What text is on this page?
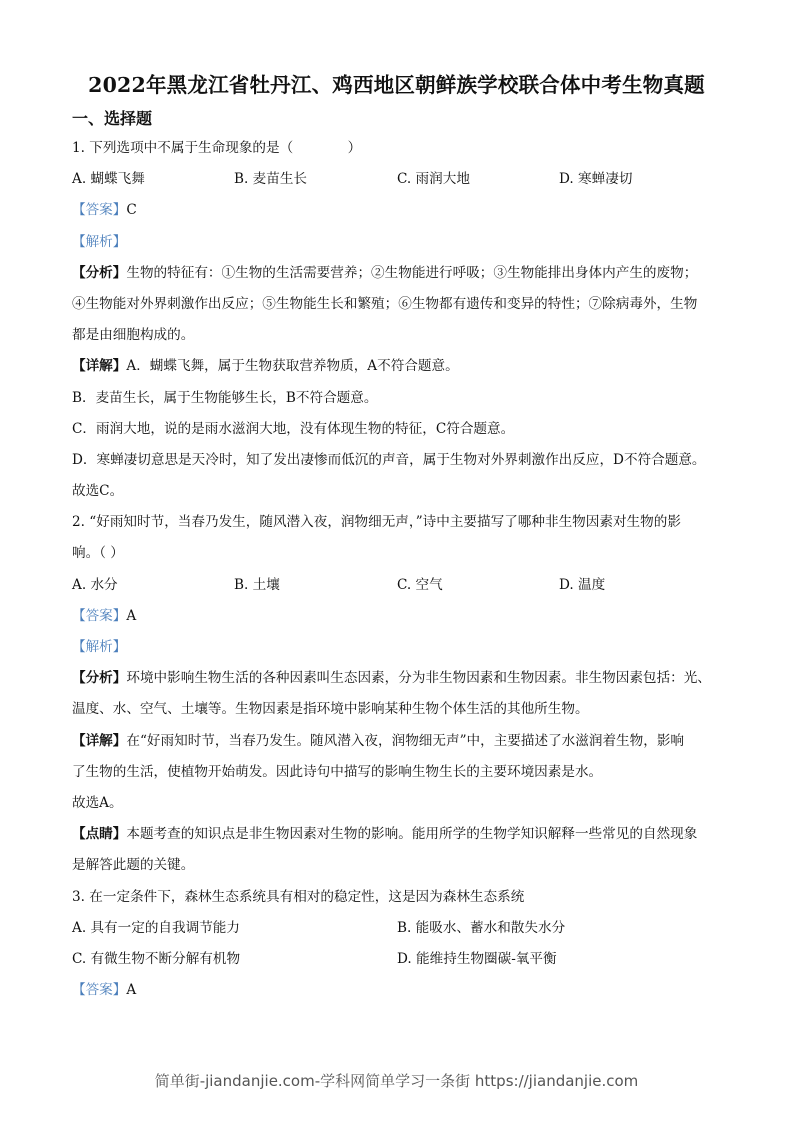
2022年黑龙江省牡丹江、鸡西地区朝鲜族学校联合体中考生物真题
一、选择题
1. 下列选项中不属于生命现象的是（　　　　）
A. 蝴蝶飞舞	B. 麦苗生长	C. 雨润大地	D. 寒蝉凄切
【答案】C
【解析】
【分析】生物的特征有：①生物的生活需要营养；②生物能进行呼吸；③生物能排出身体内产生的废物；
④生物能对外界刺激作出反应；⑤生物能生长和繁殖；⑥生物都有遗传和变异的特性；⑦除病毒外，生物
都是由细胞构成的。
【详解】A．蝴蝶飞舞，属于生物获取营养物质，A不符合题意。
B．麦苗生长，属于生物能够生长，B不符合题意。
C．雨润大地，说的是雨水滋润大地，没有体现生物的特征，C符合题意。
D．寒蝉凄切意思是天冷时，知了发出凄惨而低沉的声音，属于生物对外界刺激作出反应，D不符合题意。
故选C。
2. “好雨知时节，当春乃发生，随风潜入夜，润物细无声，”诗中主要描写了哪种非生物因素对生物的影
响。（ ）
A. 水分	B. 土壤	C. 空气	D. 温度
【答案】A
【解析】
【分析】环境中影响生物生活的各种因素叫生态因素，分为非生物因素和生物因素。非生物因素包括：光、
温度、水、空气、土壤等。生物因素是指环境中影响某种生物个体生活的其他所生物。
【详解】在“好雨知时节，当春乃发生。随风潜入夜，润物细无声”中，主要描述了水滋润着生物，影响
了生物的生活，使植物开始萌发。因此诗句中描写的影响生物生长的主要环境因素是水。
故选A。
【点睛】本题考查的知识点是非生物因素对生物的影响。能用所学的生物学知识解释一些常见的自然现象
是解答此题的关键。
3. 在一定条件下，森林生态系统具有相对的稳定性，这是因为森林生态系统
A. 具有一定的自我调节能力	B. 能吸水、蓄水和散失水分
C. 有微生物不断分解有机物	D. 能维持生物圈碳-氧平衡
【答案】A
简单街-jiandanjie.com-学科网简单学习一条街 https://jiandanjie.com
